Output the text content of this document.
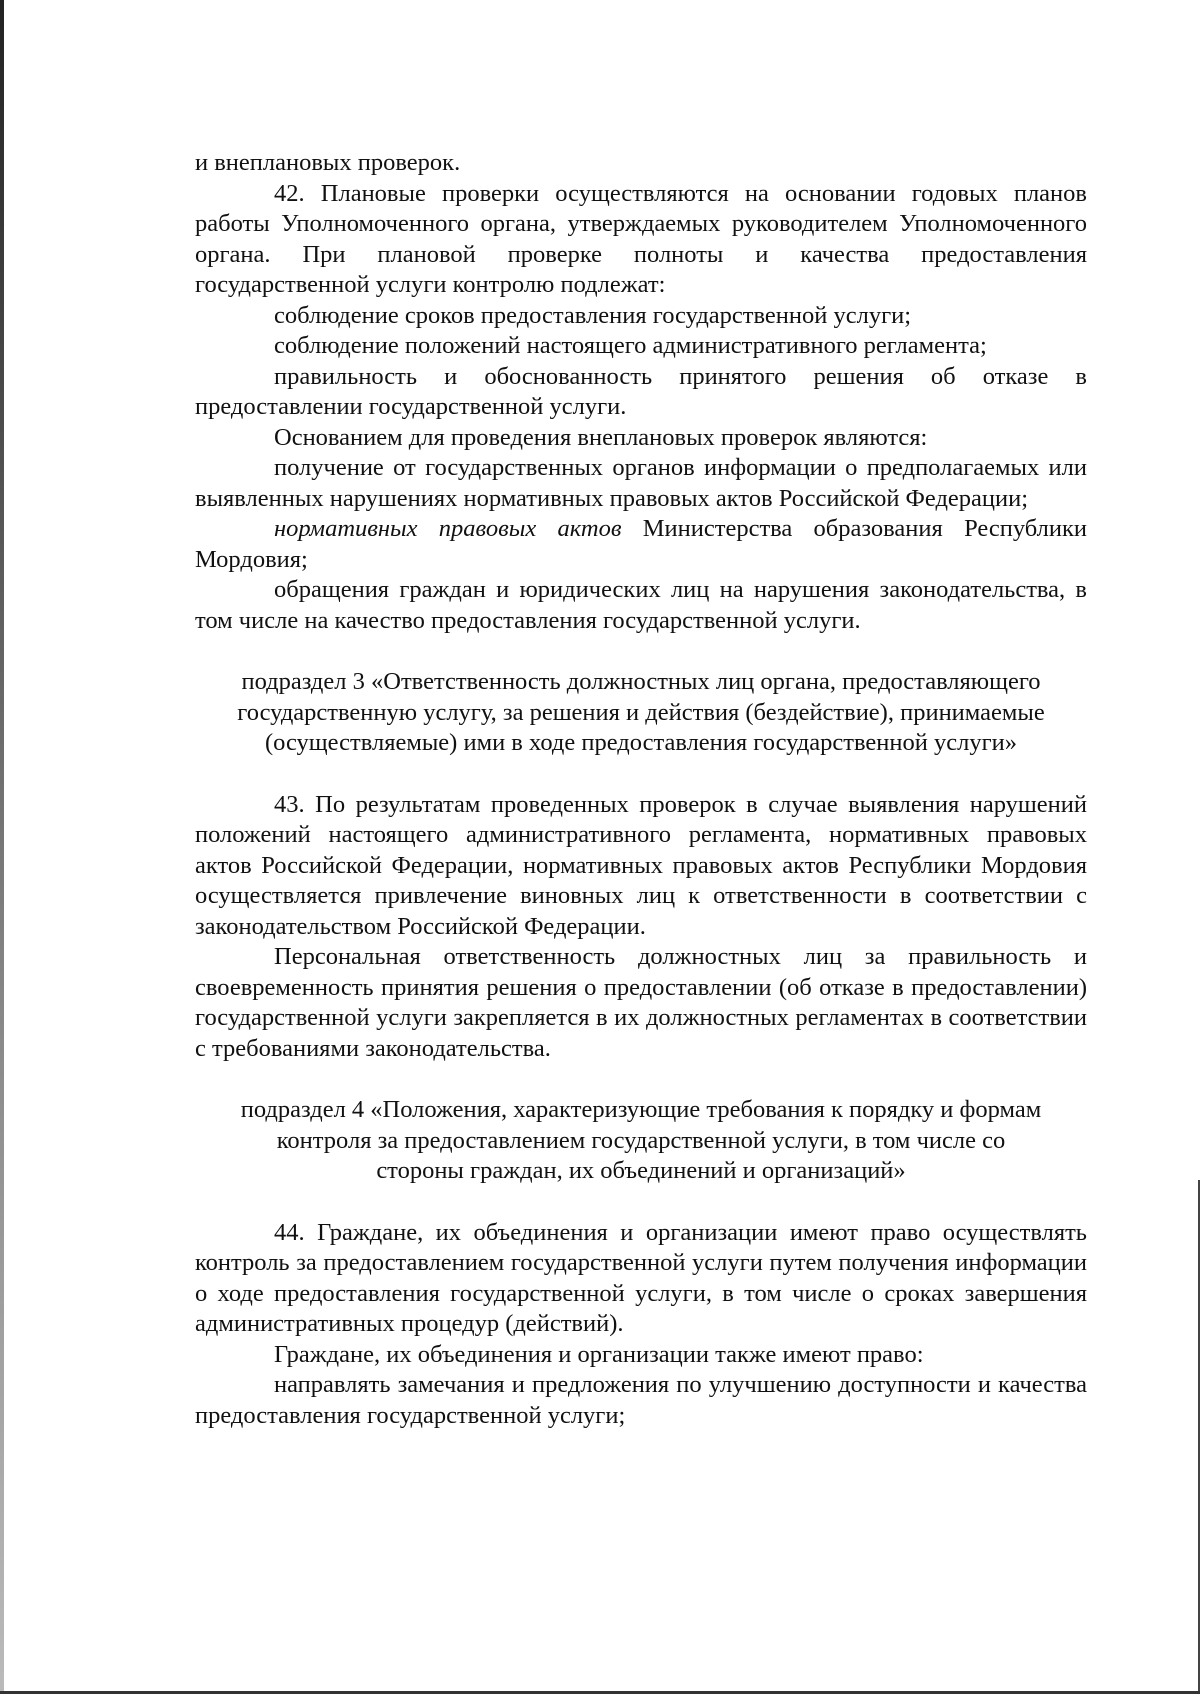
и внеплановых проверок.

42. Плановые проверки осуществляются на основании годовых планов работы Уполномоченного органа, утверждаемых руководителем Уполномоченного органа. При плановой проверке полноты и качества предоставления государственной услуги контролю подлежат:

соблюдение сроков предоставления государственной услуги;

соблюдение положений настоящего административного регламента;

правильность и обоснованность принятого решения об отказе в предоставлении государственной услуги.

Основанием для проведения внеплановых проверок являются:

получение от государственных органов информации о предполагаемых или выявленных нарушениях нормативных правовых актов Российской Федерации;

нормативных правовых актов Министерства образования Республики Мордовия;

обращения граждан и юридических лиц на нарушения законодательства, в том числе на качество предоставления государственной услуги.

подраздел 3 «Ответственность должностных лиц органа, предоставляющего
государственную услугу, за решения и действия (бездействие), принимаемые
(осуществляемые) ими в ходе предоставления государственной услуги»

43. По результатам проведенных проверок в случае выявления нарушений положений настоящего административного регламента, нормативных правовых актов Российской Федерации, нормативных правовых актов Республики Мордовия осуществляется привлечение виновных лиц к ответственности в соответствии с законодательством Российской Федерации.

Персональная ответственность должностных лиц за правильность и своевременность принятия решения о предоставлении (об отказе в предоставлении) государственной услуги закрепляется в их должностных регламентах в соответствии с требованиями законодательства.

подраздел 4 «Положения, характеризующие требования к порядку и формам
контроля за предоставлением государственной услуги, в том числе со
стороны граждан, их объединений и организаций»

44. Граждане, их объединения и организации имеют право осуществлять контроль за предоставлением государственной услуги путем получения информации о ходе предоставления государственной услуги, в том числе о сроках завершения административных процедур (действий).

Граждане, их объединения и организации также имеют право:

направлять замечания и предложения по улучшению доступности и качества предоставления государственной услуги;
